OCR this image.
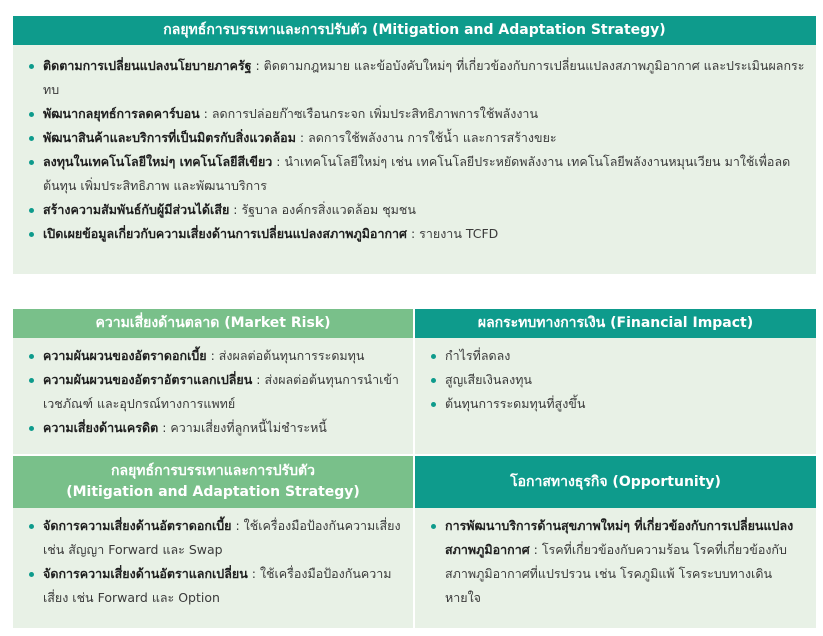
กลยุทธ์การบรรเทาและการปรับตัว (Mitigation and Adaptation Strategy)
ติดตามการเปลี่ยนแปลงนโยบายภาครัฐ : ติดตามกฎหมาย และข้อบังคับใหม่ๆ ที่เกี่ยวข้องกับการเปลี่ยนแปลงสภาพภูมิอากาศ และประเมินผลกระทบ
พัฒนากลยุทธ์การลดคาร์บอน : ลดการปล่อยก๊าซเรือนกระจก เพิ่มประสิทธิภาพการใช้พลังงาน
พัฒนาสินค้าและบริการที่เป็นมิตรกับสิ่งแวดล้อม : ลดการใช้พลังงาน การใช้น้ำ และการสร้างขยะ
ลงทุนในเทคโนโลยีใหม่ๆ เทคโนโลยีสีเขียว : นำเทคโนโลยีใหม่ๆ เช่น เทคโนโลยีประหยัดพลังงาน เทคโนโลยีพลังงานหมุนเวียน มาใช้เพื่อลดต้นทุน เพิ่มประสิทธิภาพ และพัฒนาบริการ
สร้างความสัมพันธ์กับผู้มีส่วนได้เสีย : รัฐบาล องค์กรสิ่งแวดล้อม ชุมชน
เปิดเผยข้อมูลเกี่ยวกับความเสี่ยงด้านการเปลี่ยนแปลงสภาพภูมิอากาศ : รายงาน TCFD
ความเสี่ยงด้านตลาด (Market Risk)
ความผันผวนของอัตราดอกเบี้ย : ส่งผลต่อต้นทุนการระดมทุน
ความผันผวนของอัตราอัตราแลกเปลี่ยน : ส่งผลต่อต้นทุนการนำเข้าเวชภัณฑ์ และอุปกรณ์ทางการแพทย์
ความเสี่ยงด้านเครดิต : ความเสี่ยงที่ลูกหนี้ไม่ชำระหนี้
ผลกระทบทางการเงิน (Financial Impact)
กำไรที่ลดลง
สูญเสียเงินลงทุน
ต้นทุนการระดมทุนที่สูงขึ้น
กลยุทธ์การบรรเทาและการปรับตัว
(Mitigation and Adaptation Strategy)
จัดการความเสี่ยงด้านอัตราดอกเบี้ย : ใช้เครื่องมือป้องกันความเสี่ยง เช่น สัญญา Forward และ Swap
จัดการความเสี่ยงด้านอัตราแลกเปลี่ยน : ใช้เครื่องมือป้องกันความเสี่ยง เช่น Forward และ Option
โอกาสทางธุรกิจ (Opportunity)
การพัฒนาบริการด้านสุขภาพใหม่ๆ ที่เกี่ยวข้องกับการเปลี่ยนแปลงสภาพภูมิอากาศ : โรคที่เกี่ยวข้องกับความร้อน โรคที่เกี่ยวข้องกับสภาพภูมิอากาศที่แปรปรวน เช่น โรคภูมิแพ้ โรคระบบทางเดินหายใจ
